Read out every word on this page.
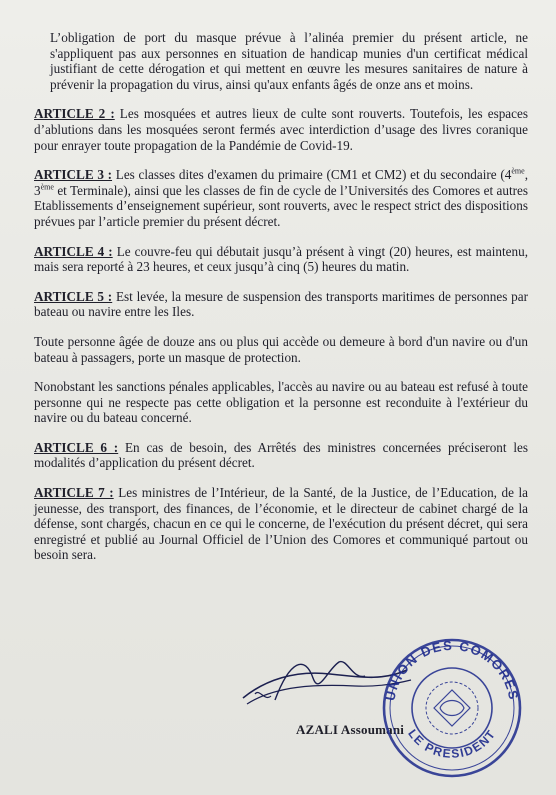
L’obligation de port du masque prévue à l’alinéa premier du présent article, ne s'appliquent pas aux personnes en situation de handicap munies d'un certificat médical justifiant de cette dérogation et qui mettent en œuvre les mesures sanitaires de nature à prévenir la propagation du virus, ainsi qu'aux enfants âgés de onze ans et moins.

ARTICLE 2 : Les mosquées et autres lieux de culte sont rouverts. Toutefois, les espaces d’ablutions dans les mosquées seront fermés avec interdiction d’usage des livres coranique pour enrayer toute propagation de la Pandémie de Covid-19.

ARTICLE 3 : Les classes dites d'examen du primaire (CM1 et CM2) et du secondaire (4ème, 3ème et Terminale), ainsi que les classes de fin de cycle de l’Universités des Comores et autres Etablissements d’enseignement supérieur, sont rouverts, avec le respect strict des dispositions prévues par l’article premier du présent décret.

ARTICLE 4 : Le couvre-feu qui débutait jusqu’à présent à vingt (20) heures, est maintenu, mais sera reporté à 23 heures, et ceux jusqu’à cinq (5) heures du matin.

ARTICLE 5 : Est levée, la mesure de suspension des transports maritimes de personnes par bateau ou navire entre les Iles.

Toute personne âgée de douze ans ou plus qui accède ou demeure à bord d'un navire ou d'un bateau à passagers, porte un masque de protection.

Nonobstant les sanctions pénales applicables, l'accès au navire ou au bateau est refusé à toute personne qui ne respecte pas cette obligation et la personne est reconduite à l'extérieur du navire ou du bateau concerné.

ARTICLE 6 : En cas de besoin, des Arrêtés des ministres concernées préciseront les modalités d’application du présent décret.

ARTICLE 7 : Les ministres de l’Intérieur, de la Santé, de la Justice, de l’Education, de la jeunesse, des transport, des finances, de l’économie, et le directeur de cabinet chargé de la défense, sont chargés, chacun en ce qui le concerne, de l'exécution du présent décret, qui sera enregistré et publié au Journal Officiel de l’Union des Comores et communiqué partout ou besoin sera.

AZALI Assoumani
UNION DES COMORES
LE PRESIDENT
